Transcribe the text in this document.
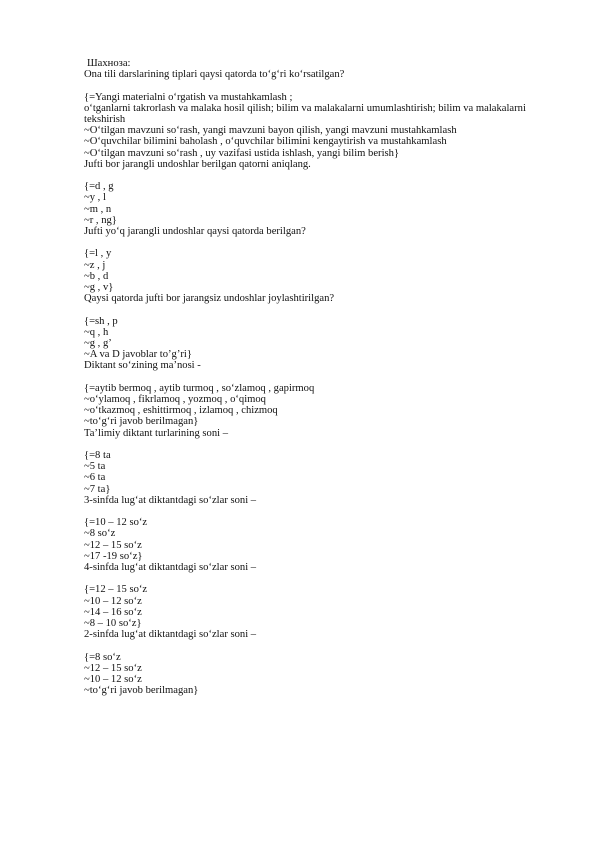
Шахноза:
Ona tili darslarining tiplari qaysi qatorda to‘g‘ri ko‘rsatilgan?
{=Yangi materialni o‘rgatish va mustahkamlash ;
o‘tganlarni takrorlash va malaka hosil qilish; bilim va malakalarni umumlashtirish; bilim va malakalarni tekshirish
~O‘tilgan mavzuni so‘rash, yangi mavzuni bayon qilish, yangi mavzuni mustahkamlash
~O‘quvchilar bilimini baholash , o‘quvchilar bilimini kengaytirish va mustahkamlash
~O‘tilgan mavzuni so‘rash , uy vazifasi ustida ishlash, yangi bilim berish}
Jufti bor jarangli undoshlar berilgan qatorni aniqlang.
{=d , g
~y , l
~m , n
~r , ng}
Jufti yo‘q jarangli undoshlar qaysi qatorda berilgan?
{=l , y
~z , j
~b , d
~g , v}
Qaysi qatorda jufti bor jarangsiz undoshlar joylashtirilgan?
{=sh , p
~q , h
~g , g’
~A va D javoblar to’g’ri}
Diktant so‘zining ma’nosi -
{=aytib bermoq , aytib turmoq , so‘zlamoq , gapirmoq
~o‘ylamoq , fikrlamoq , yozmoq , o‘qimoq
~o‘tkazmoq , eshittirmoq , izlamoq , chizmoq
~to‘g‘ri javob berilmagan}
Ta’limiy diktant turlarining soni –
{=8 ta
~5 ta
~6 ta
~7 ta}
3-sinfda lug‘at diktantdagi so‘zlar soni –
{=10 – 12 so‘z
~8 so‘z
~12 – 15 so‘z
~17 -19 so‘z}
4-sinfda lug‘at diktantdagi so‘zlar soni –
{=12 – 15 so‘z
~10 – 12 so‘z
~14 – 16 so‘z
~8 – 10 so‘z}
2-sinfda lug‘at diktantdagi so‘zlar soni –
{=8 so‘z
~12 – 15 so‘z
~10 – 12 so‘z
~to‘g‘ri javob berilmagan}
